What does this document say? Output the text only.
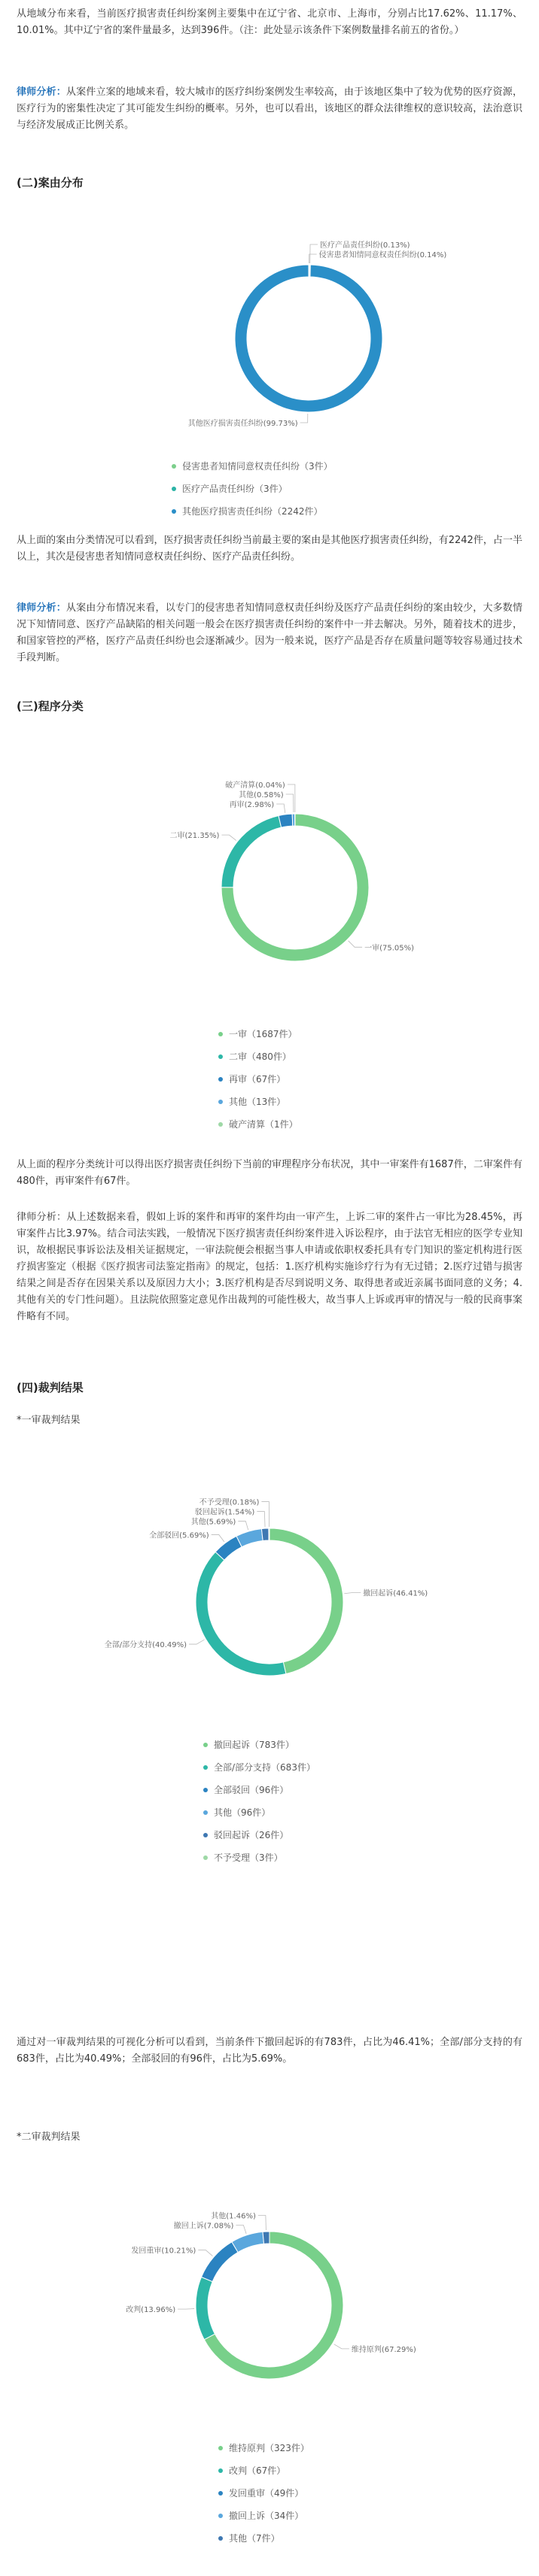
从地域分布来看，当前医疗损害责任纠纷案例主要集中在辽宁省、北京市、上海市，分别占比17.62%、11.17%、10.01%。其中辽宁省的案件量最多，达到396件。（注：此处显示该条件下案例数量排名前五的省份。）

律师分析：从案件立案的地域来看，较大城市的医疗纠纷案例发生率较高，由于该地区集中了较为优势的医疗资源，医疗行为的密集性决定了其可能发生纠纷的概率。另外，也可以看出，该地区的群众法律维权的意识较高，法治意识与经济发展成正比例关系。

(二)案由分布
侵害患者知情同意权责任纠纷(0.14%)
医疗产品责任纠纷(0.13%)
其他医疗损害责任纠纷(99.73%)
侵害患者知情同意权责任纠纷（3件）
医疗产品责任纠纷（3件）
其他医疗损害责任纠纷（2242件）

从上面的案由分类情况可以看到，医疗损害责任纠纷当前最主要的案由是其他医疗损害责任纠纷，有2242件，占一半以上，其次是侵害患者知情同意权责任纠纷、医疗产品责任纠纷。

律师分析：从案由分布情况来看，以专门的侵害患者知情同意权责任纠纷及医疗产品责任纠纷的案由较少，大多数情况下知情同意、医疗产品缺陷的相关问题一般会在医疗损害责任纠纷的案件中一并去解决。另外，随着技术的进步，和国家管控的严格，医疗产品责任纠纷也会逐渐减少。因为一般来说，医疗产品是否存在质量问题等较容易通过技术手段判断。

(三)程序分类
一审(75.05%)
二审(21.35%)
再审(2.98%)
其他(0.58%)
破产清算(0.04%)
一审（1687件）
二审（480件）
再审（67件）
其他（13件）
破产清算（1件）

从上面的程序分类统计可以得出医疗损害责任纠纷下当前的审理程序分布状况，其中一审案件有1687件，二审案件有480件，再审案件有67件。

律师分析：从上述数据来看，假如上诉的案件和再审的案件均由一审产生，上诉二审的案件占一审比为28.45%，再审案件占比3.97%。结合司法实践，一般情况下医疗损害责任纠纷案件进入诉讼程序，由于法官无相应的医学专业知识，故根据民事诉讼法及相关证据规定，一审法院便会根据当事人申请或依职权委托具有专门知识的鉴定机构进行医疗损害鉴定（根据《医疗损害司法鉴定指南》的规定，包括：1.医疗机构实施诊疗行为有无过错；2.医疗过错与损害结果之间是否存在因果关系以及原因力大小；3.医疗机构是否尽到说明义务、取得患者或近亲属书面同意的义务；4.其他有关的专门性问题）。且法院依照鉴定意见作出裁判的可能性极大，故当事人上诉或再审的情况与一般的民商事案件略有不同。

(四)裁判结果

*一审裁判结果

撤回起诉(46.41%)
全部/部分支持(40.49%)
全部驳回(5.69%)
其他(5.69%)
驳回起诉(1.54%)
不予受理(0.18%)
撤回起诉（783件）
全部/部分支持（683件）
全部驳回（96件）
其他（96件）
驳回起诉（26件）
不予受理（3件）

通过对一审裁判结果的可视化分析可以看到，当前条件下撤回起诉的有783件，占比为46.41%；全部/部分支持的有683件，占比为40.49%；全部驳回的有96件，占比为5.69%。

*二审裁判结果

维持原判(67.29%)
改判(13.96%)
发回重审(10.21%)
撤回上诉(7.08%)
其他(1.46%)
维持原判（323件）
改判（67件）
发回重审（49件）
撤回上诉（34件）
其他（7件）
